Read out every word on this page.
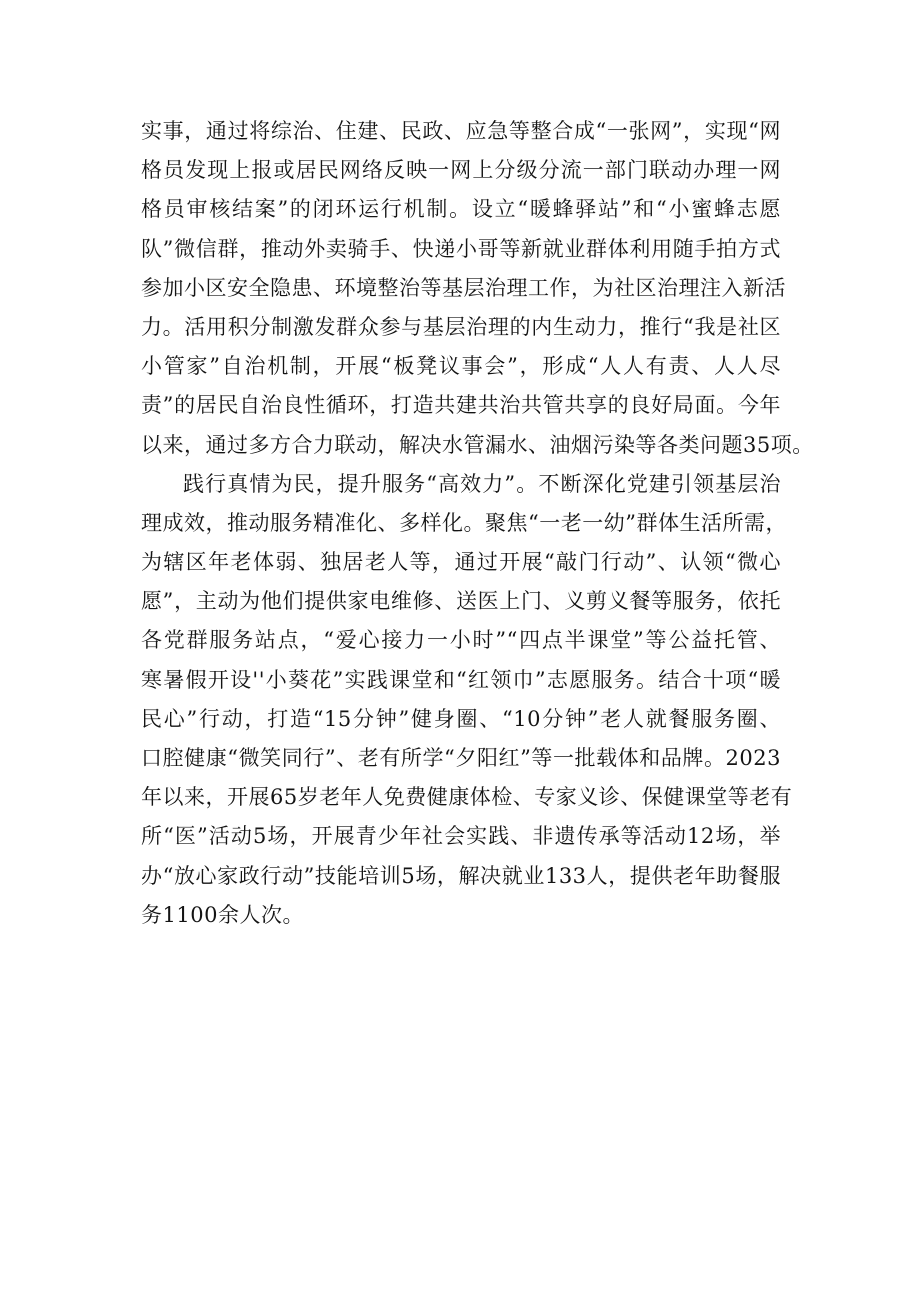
实事，通过将综治、住建、民政、应急等整合成“一张网”，实现“网
格员发现上报或居民网络反映一网上分级分流一部门联动办理一网
格员审核结案”的闭环运行机制。设立“暖蜂驿站”和“小蜜蜂志愿
队”微信群，推动外卖骑手、快递小哥等新就业群体利用随手拍方式
参加小区安全隐患、环境整治等基层治理工作，为社区治理注入新活
力。活用积分制激发群众参与基层治理的内生动力，推行“我是社区
小管家”自治机制，开展“板凳议事会”，形成“人人有责、人人尽
责”的居民自治良性循环，打造共建共治共管共享的良好局面。今年
以来，通过多方合力联动，解决水管漏水、油烟污染等各类问题35项。
践行真情为民，提升服务“高效力”。不断深化党建引领基层治
理成效，推动服务精准化、多样化。聚焦“一老一幼”群体生活所需，
为辖区年老体弱、独居老人等，通过开展“敲门行动”、认领“微心
愿”，主动为他们提供家电维修、送医上门、义剪义餐等服务，依托
各党群服务站点，“爱心接力一小时”“四点半课堂”等公益托管、
寒暑假开设''小葵花”实践课堂和“红领巾”志愿服务。结合十项“暖
民心”行动，打造“15分钟”健身圈、“10分钟”老人就餐服务圈、
口腔健康“微笑同行”、老有所学“夕阳红”等一批载体和品牌。2023
年以来，开展65岁老年人免费健康体检、专家义诊、保健课堂等老有
所“医”活动5场，开展青少年社会实践、非遗传承等活动12场，举
办“放心家政行动”技能培训5场，解决就业133人，提供老年助餐服
务1100余人次。
